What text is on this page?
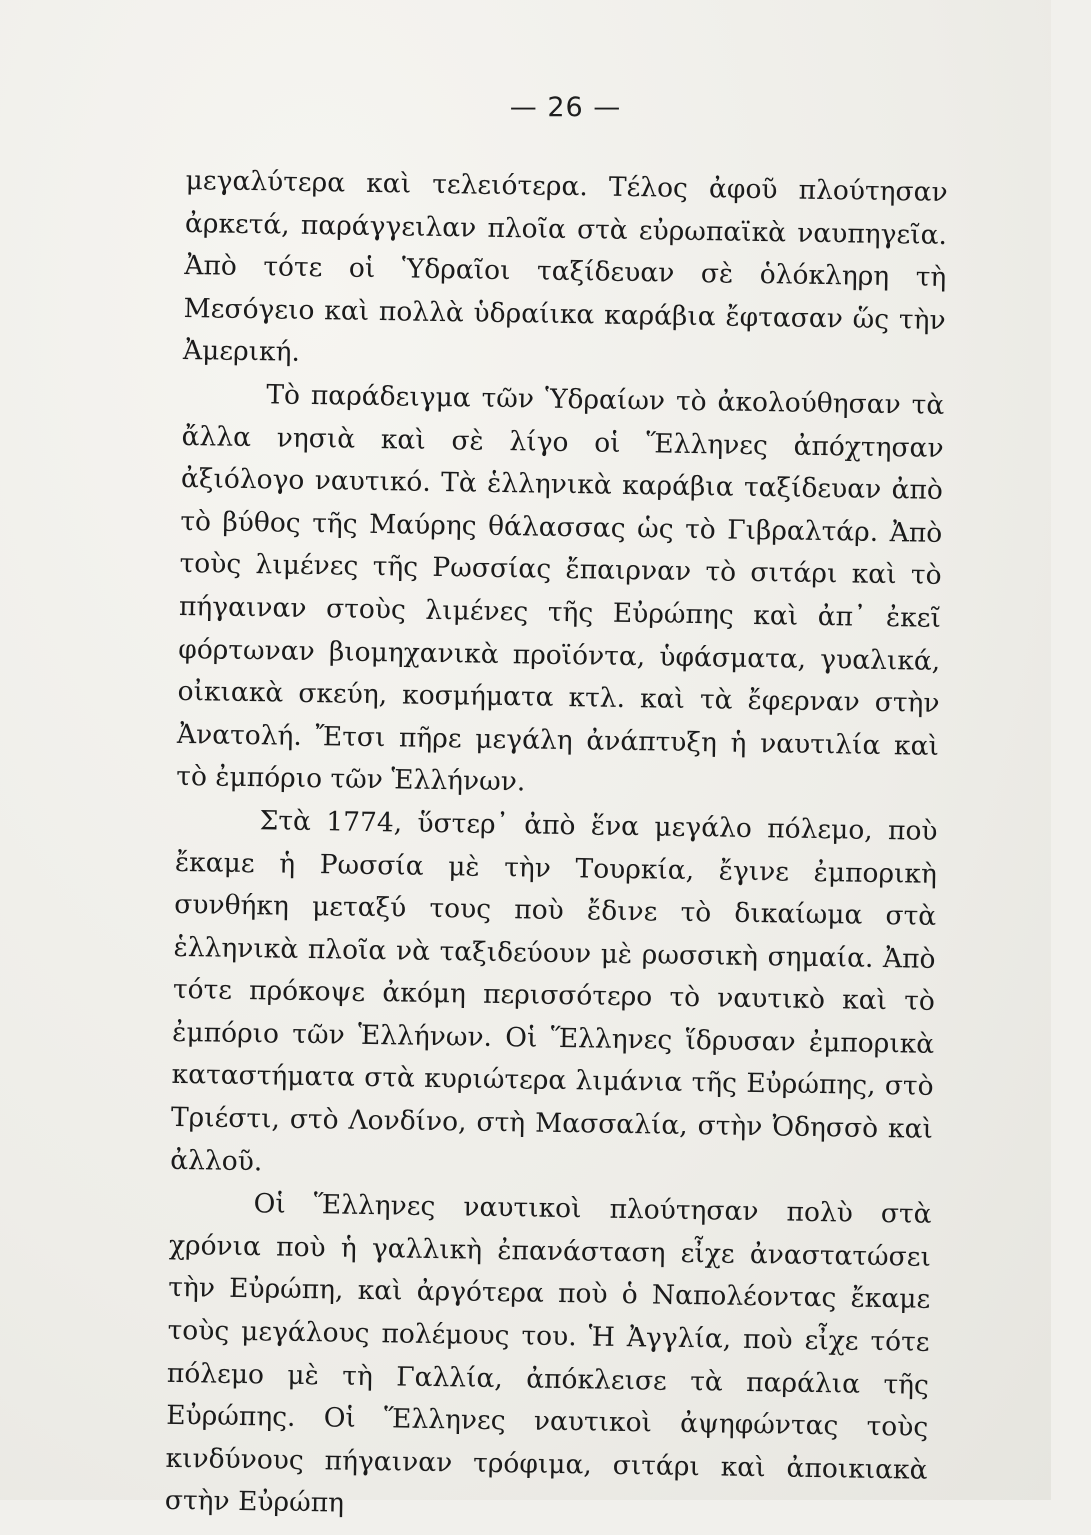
— 26 —

μεγαλύτερα καὶ τελειότερα. Τέλος ἀφοῦ πλούτησαν ἀρκετά, παράγγειλαν πλοῖα στὰ εὐρωπαϊκὰ ναυπηγεῖα. Ἀπὸ τότε οἱ Ὑδραῖοι ταξίδευαν σὲ ὁλόκληρη τὴ Μεσόγειο καὶ πολλὰ ὑδραίικα καράβια ἔφτασαν ὥς τὴν Ἀμερική.

Τὸ παράδειγμα τῶν Ὑδραίων τὸ ἀκολούθησαν τὰ ἄλλα νησιὰ καὶ σὲ λίγο οἱ Ἕλληνες ἀπόχτησαν ἀξιόλογο ναυτικό. Τὰ ἑλληνικὰ καράβια ταξίδευαν ἀπὸ τὸ βύθος τῆς Μαύρης θάλασσας ὡς τὸ Γιβραλτάρ. Ἀπὸ τοὺς λιμένες τῆς Ρωσσίας ἔπαιρναν τὸ σιτάρι καὶ τὸ πήγαιναν στοὺς λιμένες τῆς Εὐρώπης καὶ ἀπ᾿ ἐκεῖ φόρτωναν βιομηχανικὰ προϊόντα, ὑφάσματα, γυαλικά, οἰκιακὰ σκεύη, κοσμήματα κτλ. καὶ τὰ ἔφερναν στὴν Ἀνατολή. Ἔτσι πῆρε μεγάλη ἀνάπτυξη ἡ ναυτιλία καὶ τὸ ἐμπόριο τῶν Ἑλλήνων.

Στὰ 1774, ὕστερ᾿ ἀπὸ ἕνα μεγάλο πόλεμο, ποὺ ἔκαμε ἡ Ρωσσία μὲ τὴν Τουρκία, ἔγινε ἐμπορικὴ συνθήκη μεταξύ τους ποὺ ἔδινε τὸ δικαίωμα στὰ ἑλληνικὰ πλοῖα νὰ ταξιδεύουν μὲ ρωσσικὴ σημαία. Ἀπὸ τότε πρόκοψε ἀκόμη περισσότερο τὸ ναυτικὸ καὶ τὸ ἐμπόριο τῶν Ἑλλήνων. Οἱ Ἕλληνες ἵδρυσαν ἐμπορικὰ καταστήματα στὰ κυριώτερα λιμάνια τῆς Εὐρώπης, στὸ Τριέστι, στὸ Λονδίνο, στὴ Μασσαλία, στὴν Ὀδησσὸ καὶ ἀλλοῦ.

Οἱ Ἕλληνες ναυτικοὶ πλούτησαν πολὺ στὰ χρόνια ποὺ ἡ γαλλικὴ ἐπανάσταση εἶχε ἀναστατώσει τὴν Εὐρώπη, καὶ ἀργότερα ποὺ ὁ Ναπολέοντας ἔκαμε τοὺς μεγάλους πολέμους του. Ἡ Ἀγγλία, ποὺ εἶχε τότε πόλεμο μὲ τὴ Γαλλία, ἀπόκλεισε τὰ παράλια τῆς Εὐρώπης. Οἱ Ἕλληνες ναυτικοὶ ἀψηφώντας τοὺς κινδύνους πήγαιναν τρόφιμα, σιτάρι καὶ ἀποικιακὰ στὴν Εὐρώπη
